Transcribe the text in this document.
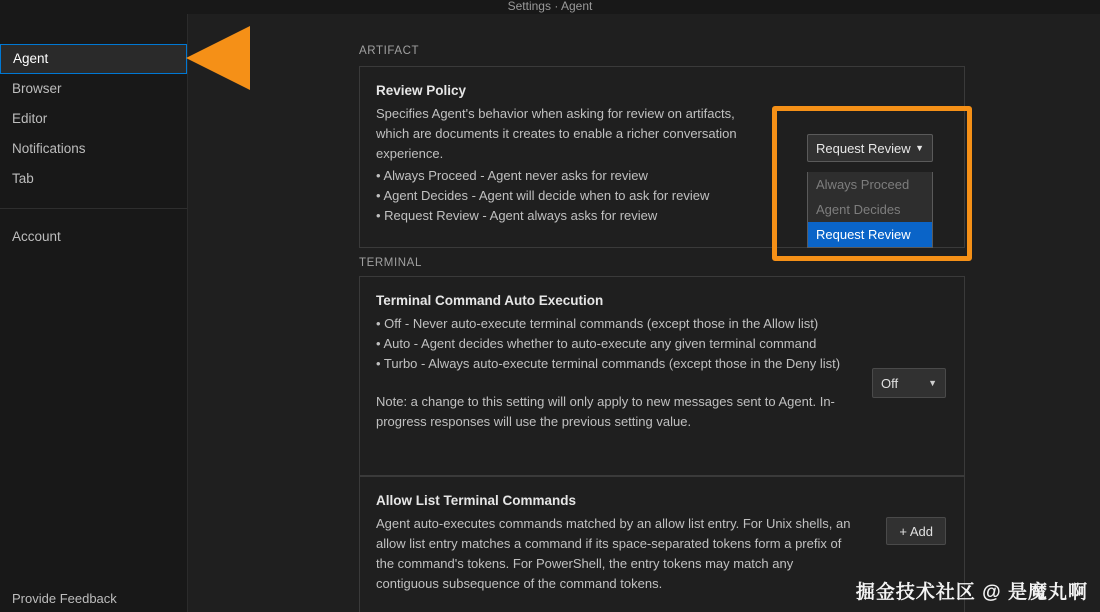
Settings · Agent
Agent
Browser
Editor
Notifications
Tab
Account
Provide Feedback
ARTIFACT
Review Policy

Specifies Agent's behavior when asking for review on artifacts, which are documents it creates to enable a richer conversation experience.

• Always Proceed - Agent never asks for review
• Agent Decides - Agent will decide when to ask for review
• Request Review - Agent always asks for review

TERMINAL
Terminal Command Auto Execution

• Off - Never auto-execute terminal commands (except those in the Allow list)
• Auto - Agent decides whether to auto-execute any given terminal command
• Turbo - Always auto-execute terminal commands (except those in the Deny list)

Note: a change to this setting will only apply to new messages sent to Agent. In-progress responses will use the previous setting value.

Off	▼
Allow List Terminal Commands

Agent auto-executes commands matched by an allow list entry. For Unix shells, an allow list entry matches a command if its space-separated tokens form a prefix of the command's tokens. For PowerShell, the entry tokens may match any contiguous subsequence of the command tokens.

+ Add
Request Review ▼
Always Proceed
Agent Decides
Request Review
掘金技术社区 @ 是魔丸啊
